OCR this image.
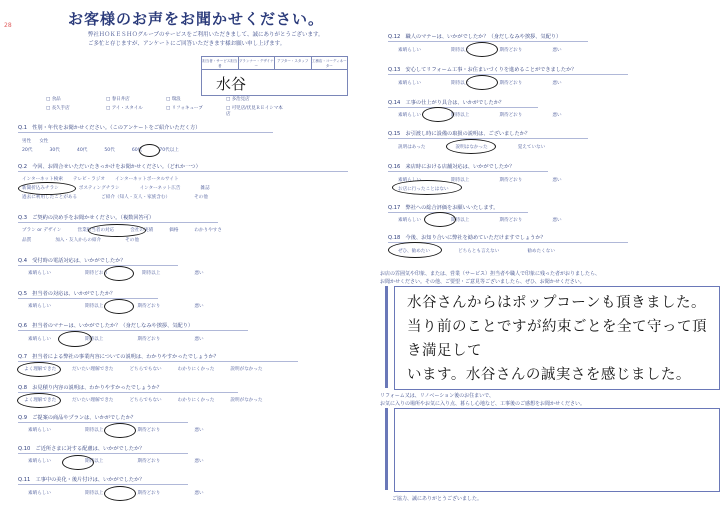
28	お客様のお声をお聞かせください。
弊社ＨＯＫＥＳＨＯグループのサービスをご利用いただきまして、誠にありがとうございます。
ご多忙と存じますが、アンケートにご回答いただきます様お願い申し上げます。
担当者・サービス担当者
プランナー・デザイナー
アフター・スタッフ	工務店・コーディネーター
水谷
□ 食品	□ 春日井店	□ 瑞浪	□ 多治見店
□ 長久手店	□ アイ・スタイル	□ リフォキューブ	□ 可児店/伏見ＲＥイシマ本店
Q.1　性別・年代をお聞かせください。（このアンケートをご紹介いただく方）
男性 女性
20代	30代	40代	50代	60代	70代以上
Q.2　今回、お問合せいただいたきっかけをお聞かせください。（どれか一つ）
インターネット検索 テレビ・ラジオ インターネットポータルサイト
新聞折込みチラシ	ポスティングチラシ	インターネット広告	雑誌
過去に利用したことがある	ご紹介（知人・友人・家族含む）	その他
Q.3　ご契約の決め手をお聞かせください。（複数回答可）
プラン or デザイン	営業担当者の対応	会社の実績	価格	わかりやすさ
品質	加入・友人からの紹介	その他
Q.4　受付時の電話対応は、いかがでしたか？
素晴らしい	期待どおり	期待以上	悪い
Q.5　担当者の対応は、いかがでしたか？
素晴らしい	期待以上	期待どおり	悪い
Q.6　担当者のマナーは、いかがでしたか？（身だしなみや挨拶、気配り）
素晴らしい	期待以上	期待どおり	悪い
Q.7　担当者による弊社の事業内容についての説明は、わかりやすかったでしょうか？
よく理解できた	だいたい理解できた	どちらでもない	わかりにくかった	説明がなかった
Q.8　お見積り内容の説明は、わかりやすかったでしょうか？
よく理解できた	だいたい理解できた	どちらでもない	わかりにくかった	説明がなかった
Q.9　ご提案の商品やプランは、いかがでしたか？
素晴らしい	期待以上	期待どおり	悪い
Q.10　ご近所さまに対する配慮は、いかがでしたか？
素晴らしい	期待以上	期待どおり	悪い
Q.11　工事中の美化・後片付けは、いかがでしたか？
素晴らしい	期待以上	期待どおり	悪い
Q.12　職人のマナーは、いかがでしたか？（身だしなみや挨拶、気配り）
素晴らしい	期待以上	期待どおり	悪い
Q.13　安心してリフォーム工事・お住まいづくりを進めることができましたか？
素晴らしい	期待以上	期待どおり	悪い
Q.14　工事の仕上がり具合は、いかがでしたか？
素晴らしい	期待以上	期待どおり	悪い
Q.15　お引渡し時に設備の取扱の説明は、ございましたか？
説明はあった	説明はなかった	覚えていない
Q.16　来店時における店舗対応は、いかがでしたか？
素晴らしい	期待以上	期待どおり	悪い
お店に行ったことはない
Q.17　弊社への総合評価をお願いいたします。
素晴らしい	期待以上	期待どおり	悪い
Q.18　今後、お知り合いに弊社を勧めていただけますでしょうか？
ぜひ、勧めたい	どちらとも言えない	勧めたくない
お店の雰囲気や印象、または、営業（サービス）担当者や職人で印象に残った者がおりましたら、
お聞かせください。その他、ご要望・ご意見等ございましたら、ぜひ、お聞かせください。
水谷さんからはポップコーンも頂きました。
当り前のことですが約束ごとを全て守って頂き満足して
います。水谷さんの誠実さを感じました。
リフォーム又は、リノベーション後のお住まいで、
お気に入りの場所やお気に入り点、暮らし心地など、工事後のご感想をお聞かせください。
ご協力、誠にありがとうございました。
